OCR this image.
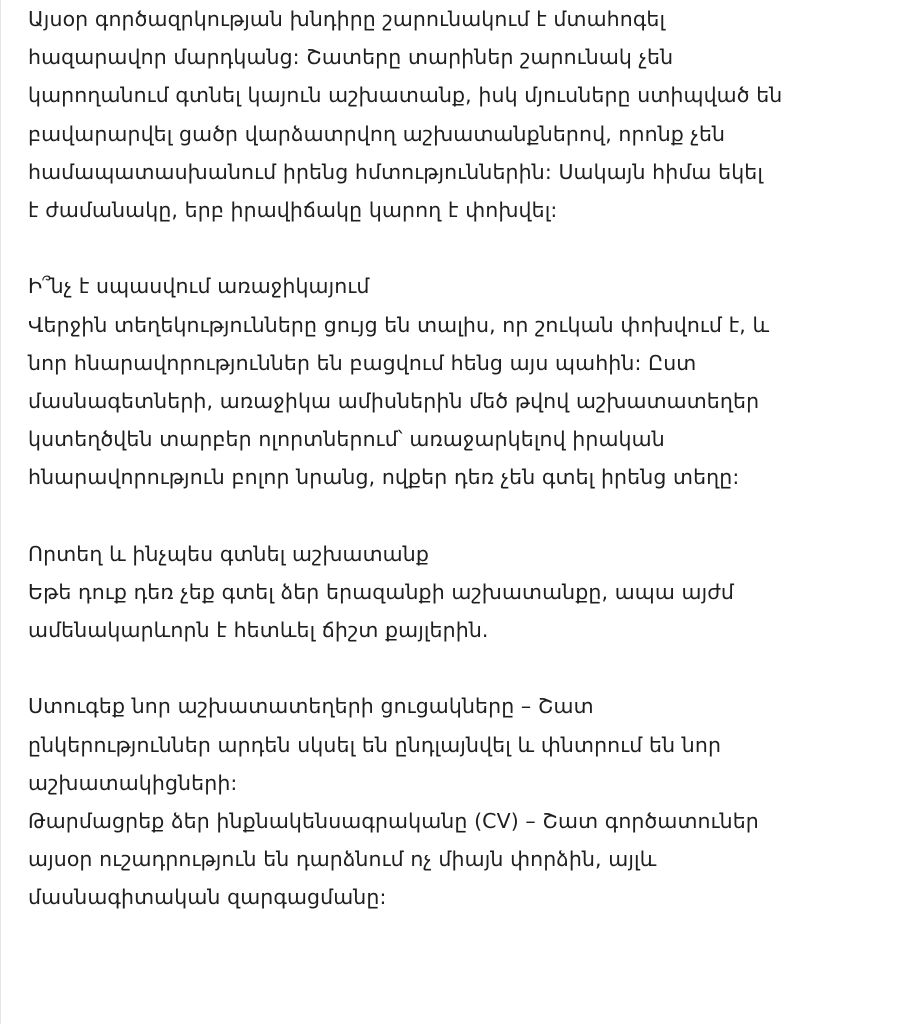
Այսօր գործազրկության խնդիրը շարունակում է մտահոգել
հազարավոր մարդկանց: Շատերը տարիներ շարունակ չեն
կարողանում գտնել կայուն աշխատանք, իսկ մյուսները ստիպված են
բավարարվել ցածր վարձատրվող աշխատանքներով, որոնք չեն
համապատասխանում իրենց հմտություններին: Սակայն հիմա եկել
է ժամանակը, երբ իրավիճակը կարող է փոխվել:
Ի՞նչ է սպասվում առաջիկայում
Վերջին տեղեկությունները ցույց են տալիս, որ շուկան փոխվում է, և
նոր հնարավորություններ են բացվում հենց այս պահին: Ըստ
մասնագետների, առաջիկա ամիսներին մեծ թվով աշխատատեղեր
կստեղծվեն տարբեր ոլորտներում՝ առաջարկելով իրական
հնարավորություն բոլոր նրանց, ովքեր դեռ չեն գտել իրենց տեղը:
Որտեղ և ինչպես գտնել աշխատանք
Եթե դուք դեռ չեք գտել ձեր երազանքի աշխատանքը, ապա այժմ
ամենակարևորն է հետևել ճիշտ քայլերին.
Ստուգեք նոր աշխատատեղերի ցուցակները – Շատ
ընկերություններ արդեն սկսել են ընդլայնվել և փնտրում են նոր
աշխատակիցների:
Թարմացրեք ձեր ինքնակենսագրականը (CV) – Շատ գործատուներ
այսօր ուշադրություն են դարձնում ոչ միայն փորձին, այլև
մասնագիտական զարգացմանը:
